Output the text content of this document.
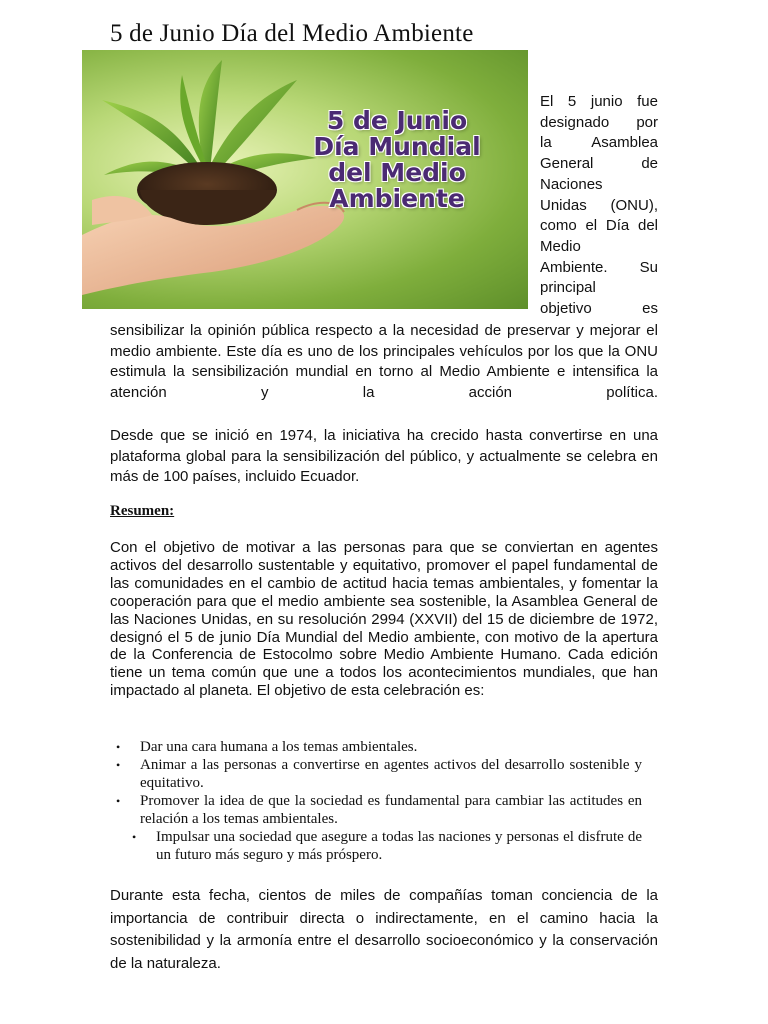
5 de Junio Día del Medio Ambiente
5 de Junio
Día Mundial
del Medio
Ambiente
El 5 junio fue
designado por
la Asamblea
General de
Naciones
Unidas (ONU),
como el Día del
Medio
Ambiente. Su
principal
objetivo es
sensibilizar la opinión pública respecto a la necesidad de preservar y mejorar el medio ambiente. Este día es uno de los principales vehículos por los que la ONU estimula la sensibilización mundial en torno al Medio Ambiente e intensifica la atención y la acción política.
Desde que se inició en 1974, la iniciativa ha crecido hasta convertirse en una plataforma global para la sensibilización del público, y actualmente se celebra en más de 100 países, incluido Ecuador.
Resumen:
Con el objetivo de motivar a las personas para que se conviertan en agentes activos del desarrollo sustentable y equitativo, promover el papel fundamental de las comunidades en el cambio de actitud hacia temas ambientales, y fomentar la cooperación para que el medio ambiente sea sostenible, la Asamblea General de las Naciones Unidas, en su resolución 2994 (XXVII) del 15 de diciembre de 1972, designó el 5 de junio Día Mundial del Medio ambiente, con motivo de la apertura de la Conferencia de Estocolmo sobre Medio Ambiente Humano. Cada edición tiene un tema común que une a todos los acontecimientos mundiales, que han impactado al planeta. El objetivo de esta celebración es:
• Dar una cara humana a los temas ambientales.
• Animar a las personas a convertirse en agentes activos del desarrollo sostenible y equitativo.
• Promover la idea de que la sociedad es fundamental para cambiar las actitudes en relación a los temas ambientales.
• Impulsar una sociedad que asegure a todas las naciones y personas el disfrute de un futuro más seguro y más próspero.
Durante esta fecha, cientos de miles de compañías toman conciencia de la importancia de contribuir directa o indirectamente, en el camino hacia la sostenibilidad y la armonía entre el desarrollo socioeconómico y la conservación de la naturaleza.
